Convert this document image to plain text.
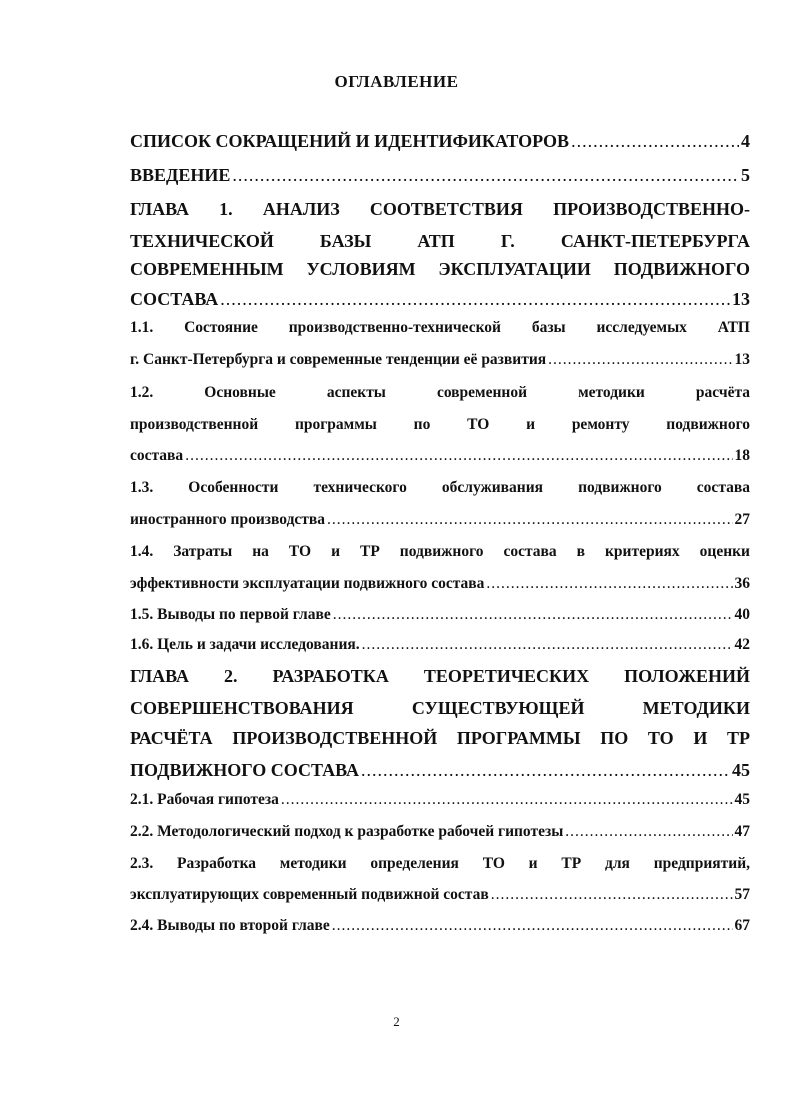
ОГЛАВЛЕНИЕ
СПИСОК СОКРАЩЕНИЙ И ИДЕНТИФИКАТОРОВ .....	4
ВВЕДЕНИЕ .....	5
ГЛАВА 1. АНАЛИЗ СООТВЕТСТВИЯ ПРОИЗВОДСТВЕННО-
ТЕХНИЧЕСКОЙ БАЗЫ АТП Г. САНКТ-ПЕТЕРБУРГА
СОВРЕМЕННЫМ УСЛОВИЯМ ЭКСПЛУАТАЦИИ ПОДВИЖНОГО
СОСТАВА .....	13
1.1. Состояние производственно-технической базы исследуемых АТП
г. Санкт-Петербурга и современные тенденции её развития .....	13
1.2. Основные аспекты современной методики расчёта
производственной программы по ТО и ремонту подвижного
состава .....	18
1.3. Особенности технического обслуживания подвижного состава
иностранного производства .....	27
1.4. Затраты на ТО и ТР подвижного состава в критериях оценки
эффективности эксплуатации подвижного состава .....	36
1.5. Выводы по первой главе .....	40
1.6. Цель и задачи исследования. .....	42
ГЛАВА 2. РАЗРАБОТКА ТЕОРЕТИЧЕСКИХ ПОЛОЖЕНИЙ
СОВЕРШЕНСТВОВАНИЯ СУЩЕСТВУЮЩЕЙ МЕТОДИКИ
РАСЧЁТА ПРОИЗВОДСТВЕННОЙ ПРОГРАММЫ ПО ТО И ТР
ПОДВИЖНОГО СОСТАВА .....	45
2.1. Рабочая гипотеза .....	45
2.2. Методологический подход к разработке рабочей гипотезы .....	47
2.3. Разработка методики определения ТО и ТР для предприятий,
эксплуатирующих современный подвижной состав .....	57
2.4. Выводы по второй главе .....	67
2
